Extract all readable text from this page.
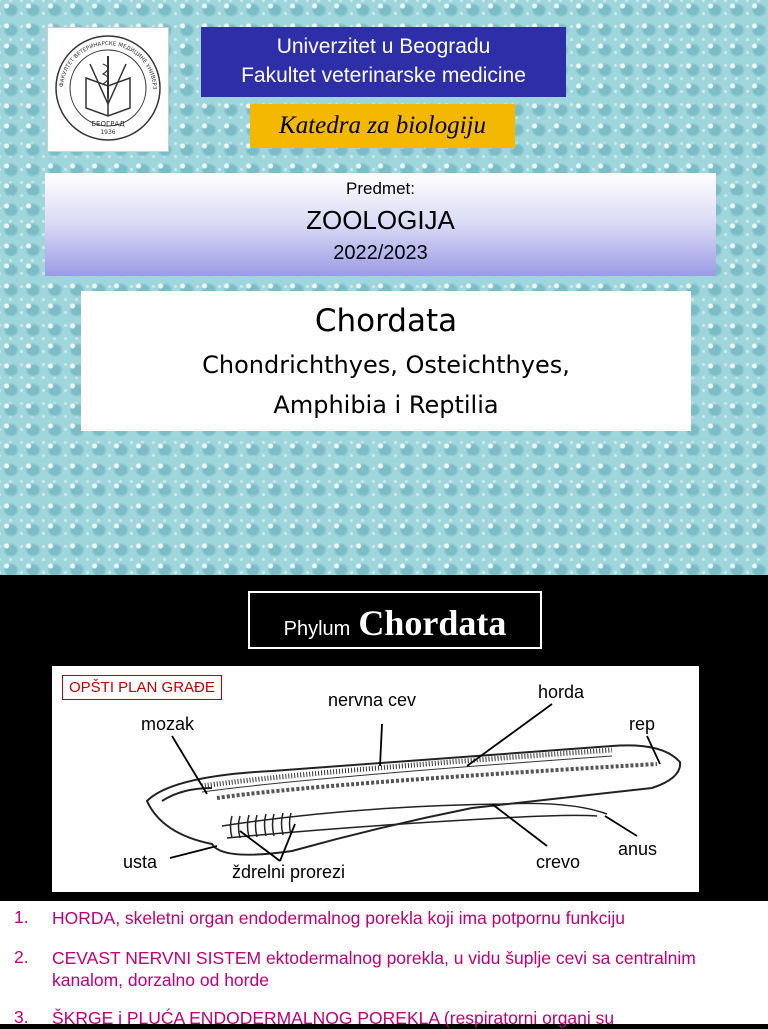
ФАКУЛТЕТ ВЕТЕРИНАРСКЕ МЕДИЦИНЕ УНИВЕРЗ
БЕОГРАД
1936
Univerzitet u Beogradu
Fakultet veterinarske medicine
Katedra za biologiju
Predmet:
ZOOLOGIJA
2022/2023
Chordata
Chondrichthyes, Osteichthyes,
Amphibia i Reptilia
Phylum Chordata
OPŠTI PLAN GRAĐE
nervna cev	horda
mozak	rep
anus
usta	crevo
ždrelni prorezi
1.	HORDA, skeletni organ endodermalnog porekla koji ima potpornu funkciju
2.	CEVAST NERVNI SISTEM ektodermalnog porekla, u vidu šuplje cevi sa centralnim kanalom, dorzalno od horde
3.	ŠKRGE i PLUĆA ENDODERMALNOG POREKLA (respiratorni organi su
